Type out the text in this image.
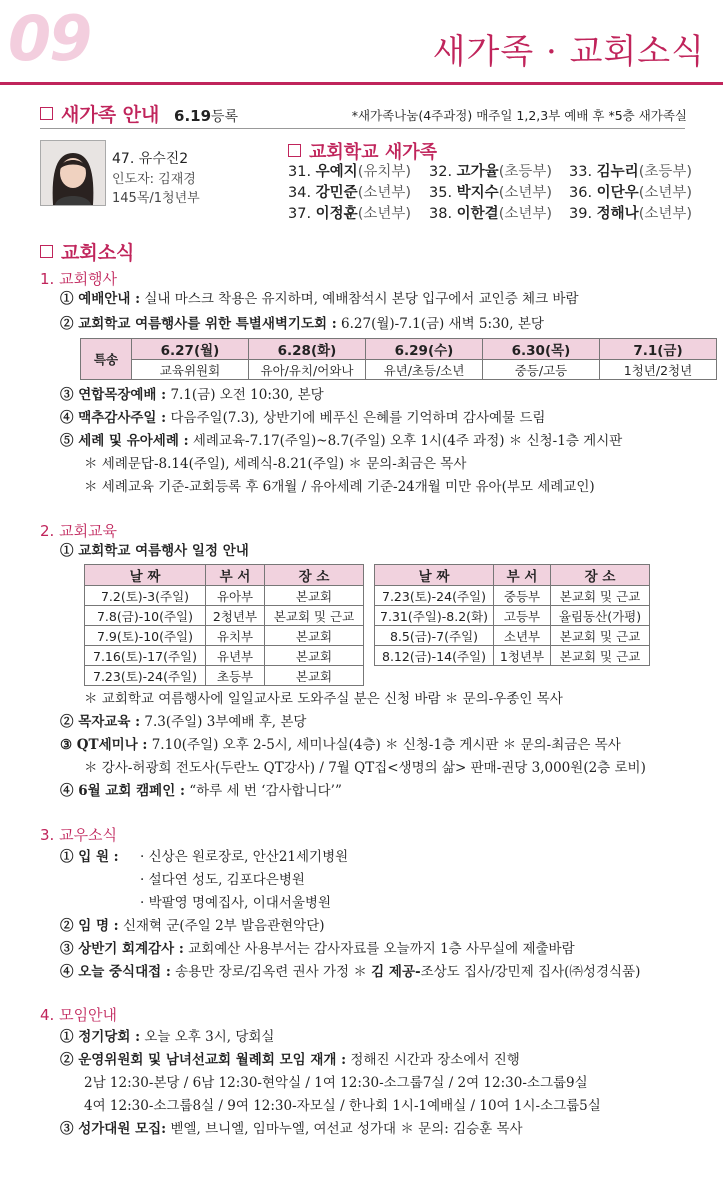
09	새가족 · 교회소식
새가족 안내 6.19등록	*새가족나눔(4주과정) 매주일 1,2,3부 예배 후 *5층 새가족실
47. 유수진2
인도자: 김재경
145목/1청년부
교회학교 새가족
31. 우예지(유치부) 32. 고가율(초등부) 33. 김누리(초등부)
34. 강민준(소년부) 35. 박지수(소년부) 36. 이단우(소년부)
37. 이정훈(소년부) 38. 이한결(소년부) 39. 정해나(소년부)
교회소식
1. 교회행사
① 예배안내 : 실내 마스크 착용은 유지하며, 예배참석시 본당 입구에서 교인증 체크 바람
② 교회학교 여름행사를 위한 특별새벽기도회 : 6.27(월)-7.1(금) 새벽 5:30, 본당
특송	6.27(월)	6.28(화)	6.29(수)	6.30(목)	7.1(금)
	교육위원회	유아/유치/어와나	유년/초등/소년	중등/고등	1청년/2청년
③ 연합목장예배 : 7.1(금) 오전 10:30, 본당
④ 맥추감사주일 : 다음주일(7.3), 상반기에 베푸신 은혜를 기억하며 감사예물 드림
⑤ 세례 및 유아세례 : 세례교육-7.17(주일)~8.7(주일) 오후 1시(4주 과정) ＊ 신청-1층 게시판
＊ 세례문답-8.14(주일), 세례식-8.21(주일) ＊ 문의-최금은 목사
＊ 세례교육 기준-교회등록 후 6개월 / 유아세례 기준-24개월 미만 유아(부모 세례교인)
2. 교회교육
① 교회학교 여름행사 일정 안내
날 짜	부 서	장 소
7.2(토)-3(주일)	유아부	본교회
7.8(금)-10(주일)	2청년부	본교회 및 근교
7.9(토)-10(주일)	유치부	본교회
7.16(토)-17(주일)	유년부	본교회
7.23(토)-24(주일)	초등부	본교회
날 짜	부 서	장 소
7.23(토)-24(주일)	중등부	본교회 및 근교
7.31(주일)-8.2(화)	고등부	율림동산(가평)
8.5(금)-7(주일)	소년부	본교회 및 근교
8.12(금)-14(주일)	1청년부	본교회 및 근교
＊ 교회학교 여름행사에 일일교사로 도와주실 분은 신청 바람 ＊ 문의-우종인 목사
② 목자교육 : 7.3(주일) 3부예배 후, 본당
③ QT세미나 : 7.10(주일) 오후 2-5시, 세미나실(4층) ＊ 신청-1층 게시판 ＊ 문의-최금은 목사
＊ 강사-허광희 전도사(두란노 QT강사) / 7월 QT집<생명의 삶> 판매-권당 3,000원(2층 로비)
④ 6월 교회 캠페인 : “하루 세 번 ‘감사합니다’”
3. 교우소식
① 입 원 : · 신상은 원로장로, 안산21세기병원
· 설다연 성도, 김포다은병원
· 박팔영 명예집사, 이대서울병원
② 임 명 : 신재혁 군(주일 2부 발음관현악단)
③ 상반기 회계감사 : 교회예산 사용부서는 감사자료를 오늘까지 1층 사무실에 제출바람
④ 오늘 중식대접 : 송용만 장로/김옥련 권사 가정 ＊ 김 제공-조상도 집사/강민제 집사(㈜성경식품)
4. 모임안내
① 정기당회 : 오늘 오후 3시, 당회실
② 운영위원회 및 남녀선교회 월례회 모임 재개 : 정해진 시간과 장소에서 진행
2남 12:30-본당 / 6남 12:30-현악실 / 1여 12:30-소그룹7실 / 2여 12:30-소그룹9실
4여 12:30-소그룹8실 / 9여 12:30-자모실 / 한나회 1시-1예배실 / 10여 1시-소그룹5실
③ 성가대원 모집: 벧엘, 브니엘, 임마누엘, 여선교 성가대 ＊ 문의: 김승훈 목사
